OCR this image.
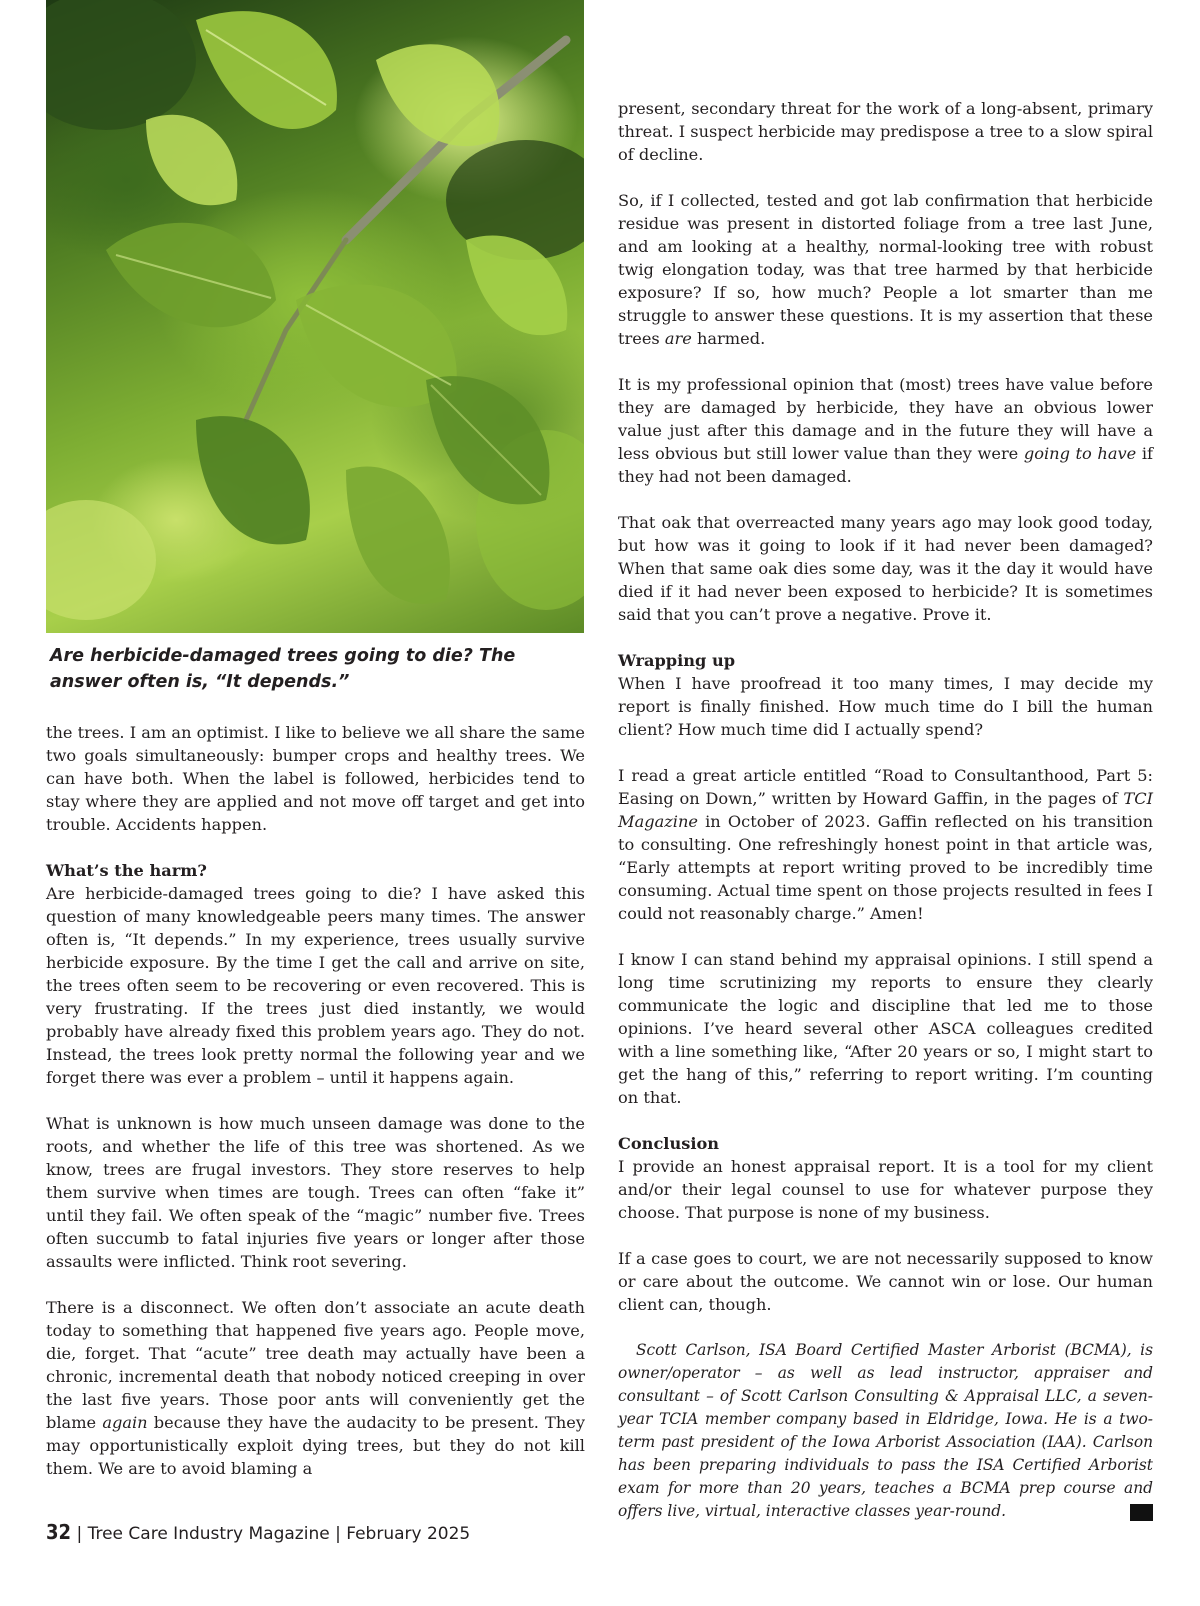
Are herbicide-damaged trees going to die? The answer often is, “It depends.”

the trees. I am an optimist. I like to believe we all share the same two goals simultaneously: bumper crops and healthy trees. We can have both. When the label is followed, herbicides tend to stay where they are applied and not move off target and get into trouble. Accidents happen.

What’s the harm?

Are herbicide-damaged trees going to die? I have asked this question of many knowledgeable peers many times. The answer often is, “It depends.” In my experience, trees usually survive herbicide exposure. By the time I get the call and arrive on site, the trees often seem to be recovering or even recovered. This is very frustrating. If the trees just died instantly, we would probably have already fixed this problem years ago. They do not. Instead, the trees look pretty normal the following year and we forget there was ever a problem – until it happens again.

What is unknown is how much unseen damage was done to the roots, and whether the life of this tree was shortened. As we know, trees are frugal investors. They store reserves to help them survive when times are tough. Trees can often “fake it” until they fail. We often speak of the “magic” number five. Trees often succumb to fatal injuries five years or longer after those assaults were inflicted. Think root severing.

There is a disconnect. We often don’t associate an acute death today to something that happened five years ago. People move, die, forget. That “acute” tree death may actually have been a chronic, incremental death that nobody noticed creeping in over the last five years. Those poor ants will conveniently get the blame again because they have the audacity to be present. They may opportunistically exploit dying trees, but they do not kill them. We are to avoid blaming a

present, secondary threat for the work of a long-absent, primary threat. I suspect herbicide may predispose a tree to a slow spiral of decline.

So, if I collected, tested and got lab confirmation that herbicide residue was present in distorted foliage from a tree last June, and am looking at a healthy, normal-looking tree with robust twig elongation today, was that tree harmed by that herbicide exposure? If so, how much? People a lot smarter than me struggle to answer these questions. It is my assertion that these trees are harmed.

It is my professional opinion that (most) trees have value before they are damaged by herbicide, they have an obvious lower value just after this damage and in the future they will have a less obvious but still lower value than they were going to have if they had not been damaged.

That oak that overreacted many years ago may look good today, but how was it going to look if it had never been damaged? When that same oak dies some day, was it the day it would have died if it had never been exposed to herbicide? It is sometimes said that you can’t prove a negative. Prove it.

Wrapping up

When I have proofread it too many times, I may decide my report is finally finished. How much time do I bill the human client? How much time did I actually spend?

I read a great article entitled “Road to Consultanthood, Part 5: Easing on Down,” written by Howard Gaffin, in the pages of TCI Magazine in October of 2023. Gaffin reflected on his transition to consulting. One refreshingly honest point in that article was, “Early attempts at report writing proved to be incredibly time consuming. Actual time spent on those projects resulted in fees I could not reasonably charge.” Amen!

I know I can stand behind my appraisal opinions. I still spend a long time scrutinizing my reports to ensure they clearly communicate the logic and discipline that led me to those opinions. I’ve heard several other ASCA colleagues credited with a line something like, “After 20 years or so, I might start to get the hang of this,” referring to report writing. I’m counting on that.

Conclusion

I provide an honest appraisal report. It is a tool for my client and/or their legal counsel to use for whatever purpose they choose. That purpose is none of my business.

If a case goes to court, we are not necessarily supposed to know or care about the outcome. We cannot win or lose. Our human client can, though.

Scott Carlson, ISA Board Certified Master Arborist (BCMA), is owner/operator – as well as lead instructor, appraiser and consultant – of Scott Carlson Consulting & Appraisal LLC, a seven-year TCIA member company based in Eldridge, Iowa. He is a two-term past president of the Iowa Arborist Association (IAA). Carlson has been preparing individuals to pass the ISA Certified Arborist exam for more than 20 years, teaches a BCMA prep course and offers live, virtual, interactive classes year-round.

32 | Tree Care Industry Magazine | February 2025
